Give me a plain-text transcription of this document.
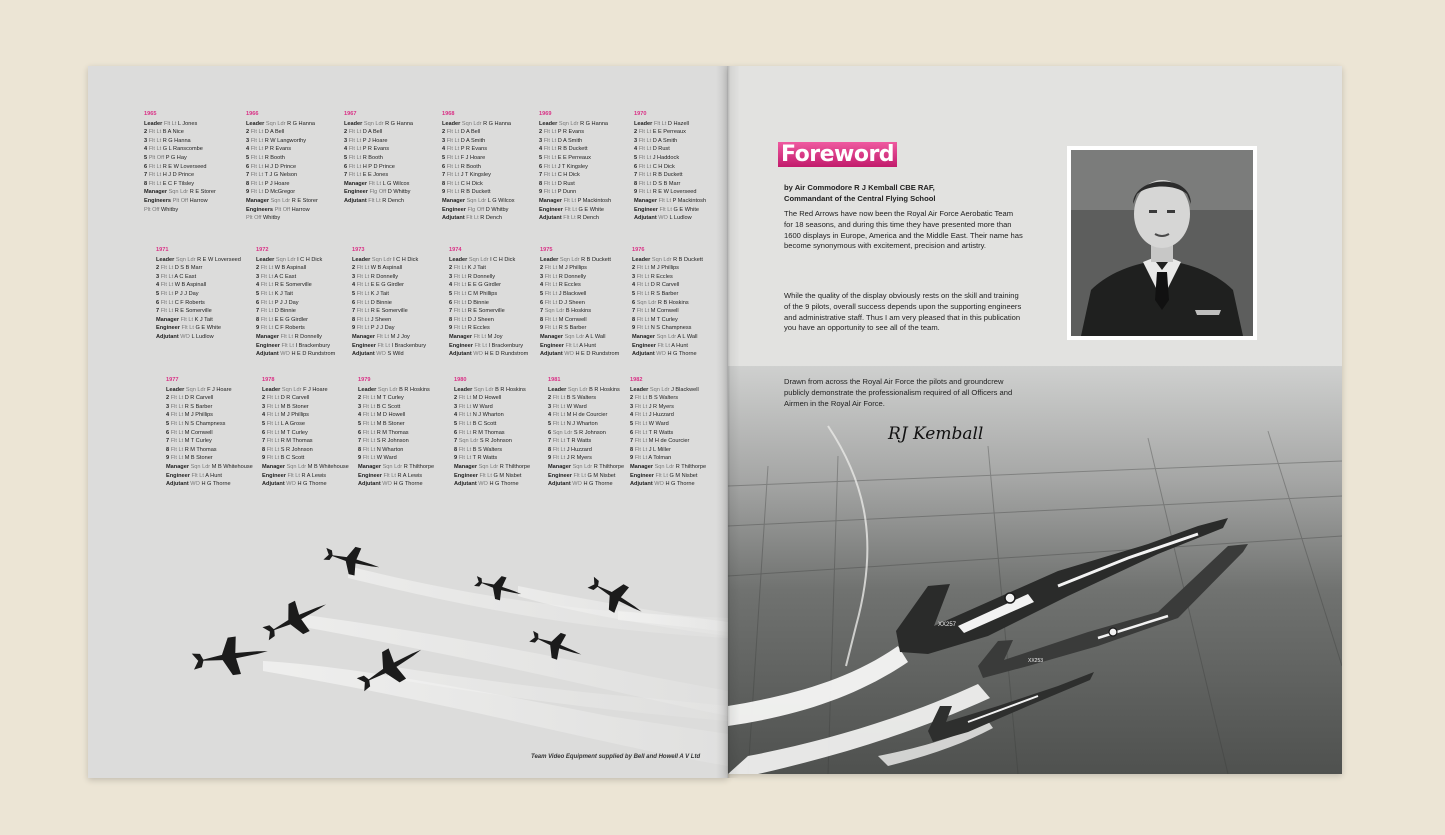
1965
Leader Flt Lt L Jones
2 Flt Lt B A Nice
3 Flt Lt R G Hanna
4 Flt Lt G L Ranscombe
5 Plt Off P G Hay
6 Flt Lt R E W Loverseed
7 Flt Lt H J D Prince
8 Flt Lt E C F Tilsley
Manager Sqn Ldr R E Storer
Engineers Plt Off Harrow
Plt Off Whitby
1966
Leader Sqn Ldr R G Hanna
2 Flt Lt D A Bell
3 Flt Lt R W Langworthy
4 Flt Lt P R Evans
5 Flt Lt R Booth
6 Flt Lt H J D Prince
7 Flt Lt T J G Nelson
8 Flt Lt P J Hoare
9 Flt Lt D McGregor
Manager Sqn Ldr R E Storer
Engineers Plt Off Harrow
Plt Off Whitby
1967
Leader Sqn Ldr R G Hanna
2 Flt Lt D A Bell
3 Flt Lt P J Hoare
4 Flt Lt P R Evans
5 Flt Lt R Booth
6 Flt Lt H P D Prince
7 Flt Lt E E Jones
Manager Flt Lt L G Wilcox
Engineer Flg Off D Whitby
Adjutant Flt Lt R Dench
1968
Leader Sqn Ldr R G Hanna
2 Flt Lt D A Bell
3 Flt Lt D A Smith
4 Flt Lt P R Evans
5 Flt Lt F J Hoare
6 Flt Lt R Booth
7 Flt Lt J T Kingsley
8 Flt Lt C H Dick
9 Flt Lt R B Duckett
Manager Sqn Ldr L G Wilcox
Engineer Flg Off D Whitby
Adjutant Flt Lt R Dench
1969
Leader Sqn Ldr R G Hanna
2 Flt Lt P R Evans
3 Flt Lt D A Smith
4 Flt Lt R B Duckett
5 Flt Lt E E Perreaux
6 Flt Lt J T Kingsley
7 Flt Lt C H Dick
8 Flt Lt D Rust
9 Flt Lt P Dunn
Manager Flt Lt P Mackintosh
Engineer Flt Lt G E White
Adjutant Flt Lt R Dench
1970
Leader Flt Lt D Hazell
2 Flt Lt E E Perreaux
3 Flt Lt D A Smith
4 Flt Lt D Rust
5 Flt Lt J Haddock
6 Flt Lt C H Dick
7 Flt Lt R B Duckett
8 Flt Lt D S B Marr
9 Flt Lt R E W Loverseed
Manager Flt Lt P Mackintosh
Engineer Flt Lt G E White
Adjutant WO L Ludlow
1971
Leader Sqn Ldr R E W Loverseed
2 Flt Lt D S B Marr
3 Flt Lt A C East
4 Flt Lt W B Aspinall
5 Flt Lt P J J Day
6 Flt Lt C F Roberts
7 Flt Lt R E Somerville
Manager Flt Lt K J Tait
Engineer Flt Lt G E White
Adjutant WO L Ludlow
1972
Leader Sqn Ldr I C H Dick
2 Flt Lt W B Aspinall
3 Flt Lt A C East
4 Flt Lt R E Somerville
5 Flt Lt K J Tait
6 Flt Lt P J J Day
7 Flt Lt D Binnie
8 Flt Lt E E G Girdler
9 Flt Lt C F Roberts
Manager Flt Lt R Donnelly
Engineer Flt Lt I Brackenbury
Adjutant WO H E D Rundstrom
1973
Leader Sqn Ldr I C H Dick
2 Flt Lt W B Aspinall
3 Flt Lt R Donnelly
4 Flt Lt E E G Girdler
5 Flt Lt K J Tait
6 Flt Lt D Binnie
7 Flt Lt R E Somerville
8 Flt Lt J Sheen
9 Flt Lt P J J Day
Manager Flt Lt M J Joy
Engineer Flt Lt I Brackenbury
Adjutant WO S Wild
1974
Leader Sqn Ldr I C H Dick
2 Flt Lt K J Tait
3 Flt Lt R Donnelly
4 Flt Lt E E G Girdler
5 Flt Lt C M Phillips
6 Flt Lt D Binnie
7 Flt Lt R E Somerville
8 Flt Lt D J Sheen
9 Flt Lt R Eccles
Manager Flt Lt M Joy
Engineer Flt Lt I Brackenbury
Adjutant WO H E D Rundstrom
1975
Leader Sqn Ldr R B Duckett
2 Flt Lt M J Phillips
3 Flt Lt R Donnelly
4 Flt Lt R Eccles
5 Flt Lt J Blackwell
6 Flt Lt D J Sheen
7 Sqn Ldr B Hoskins
8 Flt Lt M Cornwell
9 Flt Lt R S Barber
Manager Sqn Ldr A L Wall
Engineer Flt Lt A Hunt
Adjutant WO H E D Rundstrom
1976
Leader Sqn Ldr R B Duckett
2 Flt Lt M J Phillips
3 Flt Lt R Eccles
4 Flt Lt D R Carvell
5 Flt Lt R S Barber
6 Sqn Ldr R B Hoskins
7 Flt Lt M Cornwell
8 Flt Lt M T Curley
9 Flt Lt N S Champness
Manager Sqn Ldr A L Wall
Engineer Flt Lt A Hunt
Adjutant WO H G Thorne
1977
Leader Sqn Ldr F J Hoare
2 Flt Lt D R Carvell
3 Flt Lt R S Barber
4 Flt Lt M J Phillips
5 Flt Lt N S Champness
6 Flt Lt M Cornwell
7 Flt Lt M T Curley
8 Flt Lt R M Thomas
9 Flt Lt M B Stoner
Manager Sqn Ldr M B Whitehouse
Engineer Flt Lt A Hunt
Adjutant WO H G Thorne
1978
Leader Sqn Ldr F J Hoare
2 Flt Lt D R Carvell
3 Flt Lt M B Stoner
4 Flt Lt M J Phillips
5 Flt Lt L A Grose
6 Flt Lt M T Curley
7 Flt Lt R M Thomas
8 Flt Lt S R Johnson
9 Flt Lt B C Scott
Manager Sqn Ldr M B Whitehouse
Engineer Flt Lt R A Lewis
Adjutant WO H G Thorne
1979
Leader Sqn Ldr B R Hoskins
2 Flt Lt M T Curley
3 Flt Lt B C Scott
4 Flt Lt M D Howell
5 Flt Lt M B Stoner
6 Flt Lt R M Thomas
7 Flt Lt S R Johnson
8 Flt Lt N Wharton
9 Flt Lt W Ward
Manager Sqn Ldr R Thilthorpe
Engineer Flt Lt R A Lewis
Adjutant WO H G Thorne
1980
Leader Sqn Ldr B R Hoskins
2 Flt Lt M D Howell
3 Flt Lt W Ward
4 Flt Lt N J Wharton
5 Flt Lt B C Scott
6 Flt Lt R M Thomas
7 Sqn Ldr S R Johnson
8 Flt Lt B S Walters
9 Flt Lt T R Watts
Manager Sqn Ldr R Thilthorpe
Engineer Flt Lt G M Nisbet
Adjutant WO H G Thorne
1981
Leader Sqn Ldr B R Hoskins
2 Flt Lt B S Walters
3 Flt Lt W Ward
4 Flt Lt M H de Courcier
5 Flt Lt N J Wharton
6 Sqn Ldr S R Johnson
7 Flt Lt T R Watts
8 Flt Lt J Huzzard
9 Flt Lt J R Myers
Manager Sqn Ldr R Thilthorpe
Engineer Flt Lt G M Nisbet
Adjutant WO H G Thorne
1982
Leader Sqn Ldr J Blackwell
2 Flt Lt B S Walters
3 Flt Lt J R Myers
4 Flt Lt J Huzzard
5 Flt Lt W Ward
6 Flt Lt T R Watts
7 Flt Lt M H de Courcier
8 Flt Lt J L Miller
9 Flt Lt A Tolman
Manager Sqn Ldr R Thilthorpe
Engineer Flt Lt G M Nisbet
Adjutant WO H G Thorne
Team Video Equipment supplied by Bell and Howell A V Ltd
XX257
XX253
Foreword
by Air Commodore R J Kemball CBE RAF,
Commandant of the Central Flying School
The Red Arrows have now been the Royal Air Force Aerobatic Team for 18 seasons, and during this time they have presented more than 1600 displays in Europe, America and the Middle East. Their name has become synonymous with excitement, precision and artistry.
While the quality of the display obviously rests on the skill and training of the 9 pilots, overall success depends upon the supporting engineers and administrative staff. Thus I am very pleased that in this publication you have an opportunity to see all of the team.
Drawn from across the Royal Air Force the pilots and groundcrew publicly demonstrate the professionalism required of all Officers and Airmen in the Royal Air Force.
RJ Kemball
